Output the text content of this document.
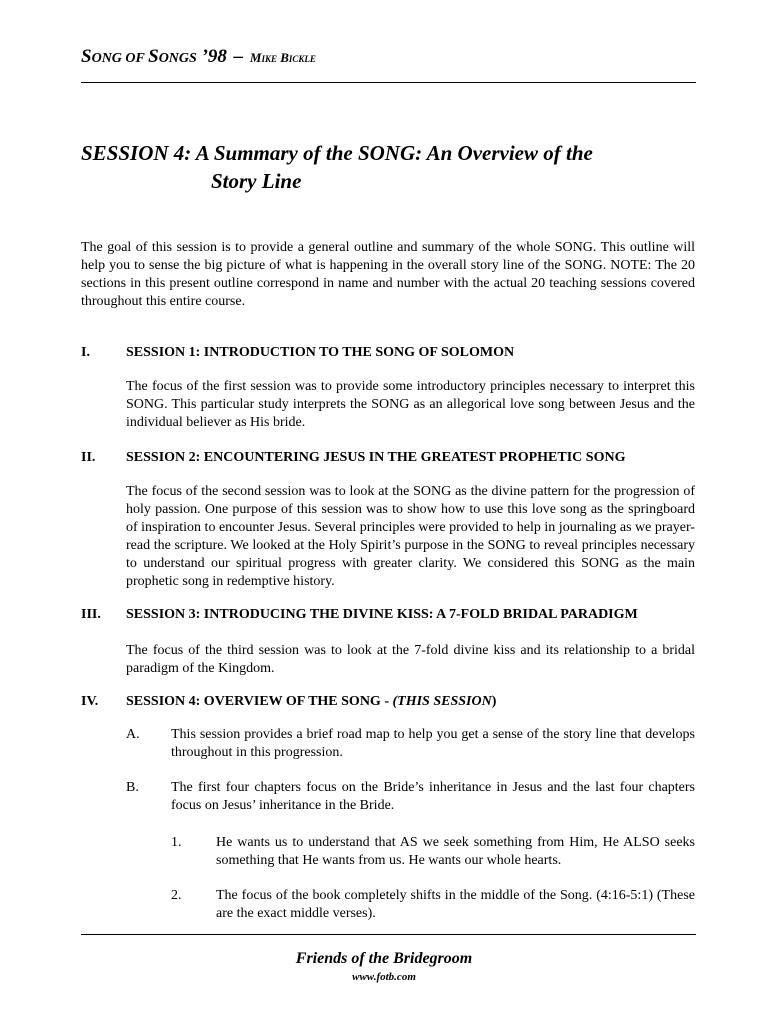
SONG OF SONGS ’98 – Mike Bickle
SESSION 4: A Summary of the SONG: An Overview of the
Story Line
The goal of this session is to provide a general outline and summary of the whole SONG. This outline will help you to sense the big picture of what is happening in the overall story line of the SONG. NOTE: The 20 sections in this present outline correspond in name and number with the actual 20 teaching sessions covered throughout this entire course.
I.	SESSION 1: INTRODUCTION TO THE SONG OF SOLOMON
The focus of the first session was to provide some introductory principles necessary to interpret this SONG. This particular study interprets the SONG as an allegorical love song between Jesus and the individual believer as His bride.
II. SESSION 2: ENCOUNTERING JESUS IN THE GREATEST PROPHETIC SONG
The focus of the second session was to look at the SONG as the divine pattern for the progression of holy passion. One purpose of this session was to show how to use this love song as the springboard of inspiration to encounter Jesus. Several principles were provided to help in journaling as we prayer-read the scripture. We looked at the Holy Spirit’s purpose in the SONG to reveal principles necessary to understand our spiritual progress with greater clarity. We considered this SONG as the main prophetic song in redemptive history.
III. SESSION 3: INTRODUCING THE DIVINE KISS: A 7-FOLD BRIDAL PARADIGM
The focus of the third session was to look at the 7-fold divine kiss and its relationship to a bridal paradigm of the Kingdom.
IV. SESSION 4: OVERVIEW OF THE SONG - (THIS SESSION)
A. This session provides a brief road map to help you get a sense of the story line that develops throughout in this progression.
B. The first four chapters focus on the Bride’s inheritance in Jesus and the last four chapters focus on Jesus’ inheritance in the Bride.
1. He wants us to understand that AS we seek something from Him, He ALSO seeks something that He wants from us. He wants our whole hearts.
2. The focus of the book completely shifts in the middle of the Song. (4:16-5:1) (These are the exact middle verses).
Friends of the Bridegroom
www.fotb.com
